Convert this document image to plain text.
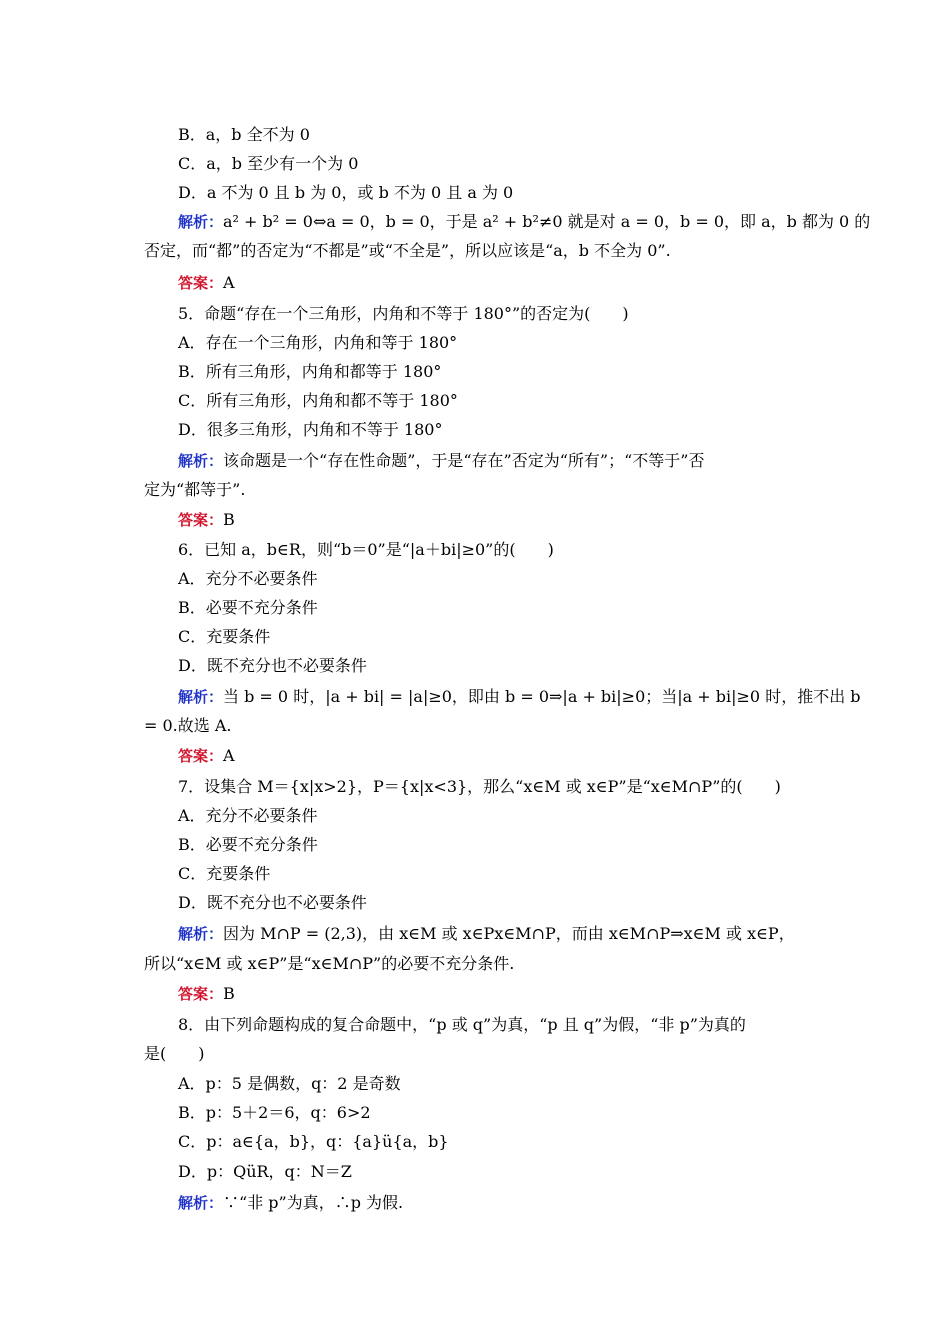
B．a，b 全不为 0
C．a，b 至少有一个为 0
D．a 不为 0 且 b 为 0，或 b 不为 0 且 a 为 0
解析：a² + b² = 0⇔a = 0，b = 0，于是 a² + b²≠0 就是对 a = 0，b = 0，即 a，b 都为 0 的
否定，而“都”的否定为“不都是”或“不全是”，所以应该是“a，b 不全为 0”.
答案：A
5．命题“存在一个三角形，内角和不等于 180°”的否定为(　　)
A．存在一个三角形，内角和等于 180°
B．所有三角形，内角和都等于 180°
C．所有三角形，内角和都不等于 180°
D．很多三角形，内角和不等于 180°
解析：该命题是一个“存在性命题”，于是“存在”否定为“所有”；“不等于”否
定为“都等于”.
答案：B
6．已知 a，b∈R，则“b＝0”是“|a＋bi|≥0”的(　　)
A．充分不必要条件
B．必要不充分条件
C．充要条件
D．既不充分也不必要条件
解析：当 b = 0 时，|a + bi| = |a|≥0，即由 b = 0⇒|a + bi|≥0；当|a + bi|≥0 时，推不出 b
= 0.故选 A.
答案：A
7．设集合 M＝{x|x>2}，P＝{x|x<3}，那么“x∈M 或 x∈P”是“x∈M∩P”的(　　)
A．充分不必要条件
B．必要不充分条件
C．充要条件
D．既不充分也不必要条件
解析：因为 M∩P = (2,3)，由 x∈M 或 x∈Px∈M∩P，而由 x∈M∩P⇒x∈M 或 x∈P，
所以“x∈M 或 x∈P”是“x∈M∩P”的必要不充分条件.
答案：B
8．由下列命题构成的复合命题中，“p 或 q”为真，“p 且 q”为假，“非 p”为真的
是(　　)
A．p：5 是偶数，q：2 是奇数
B．p：5＋2＝6，q：6>2
C．p：a∈{a，b}，q：{a}ü{a，b}
D．p：QüR，q：N＝Z
解析：∵“非 p”为真，∴p 为假.
